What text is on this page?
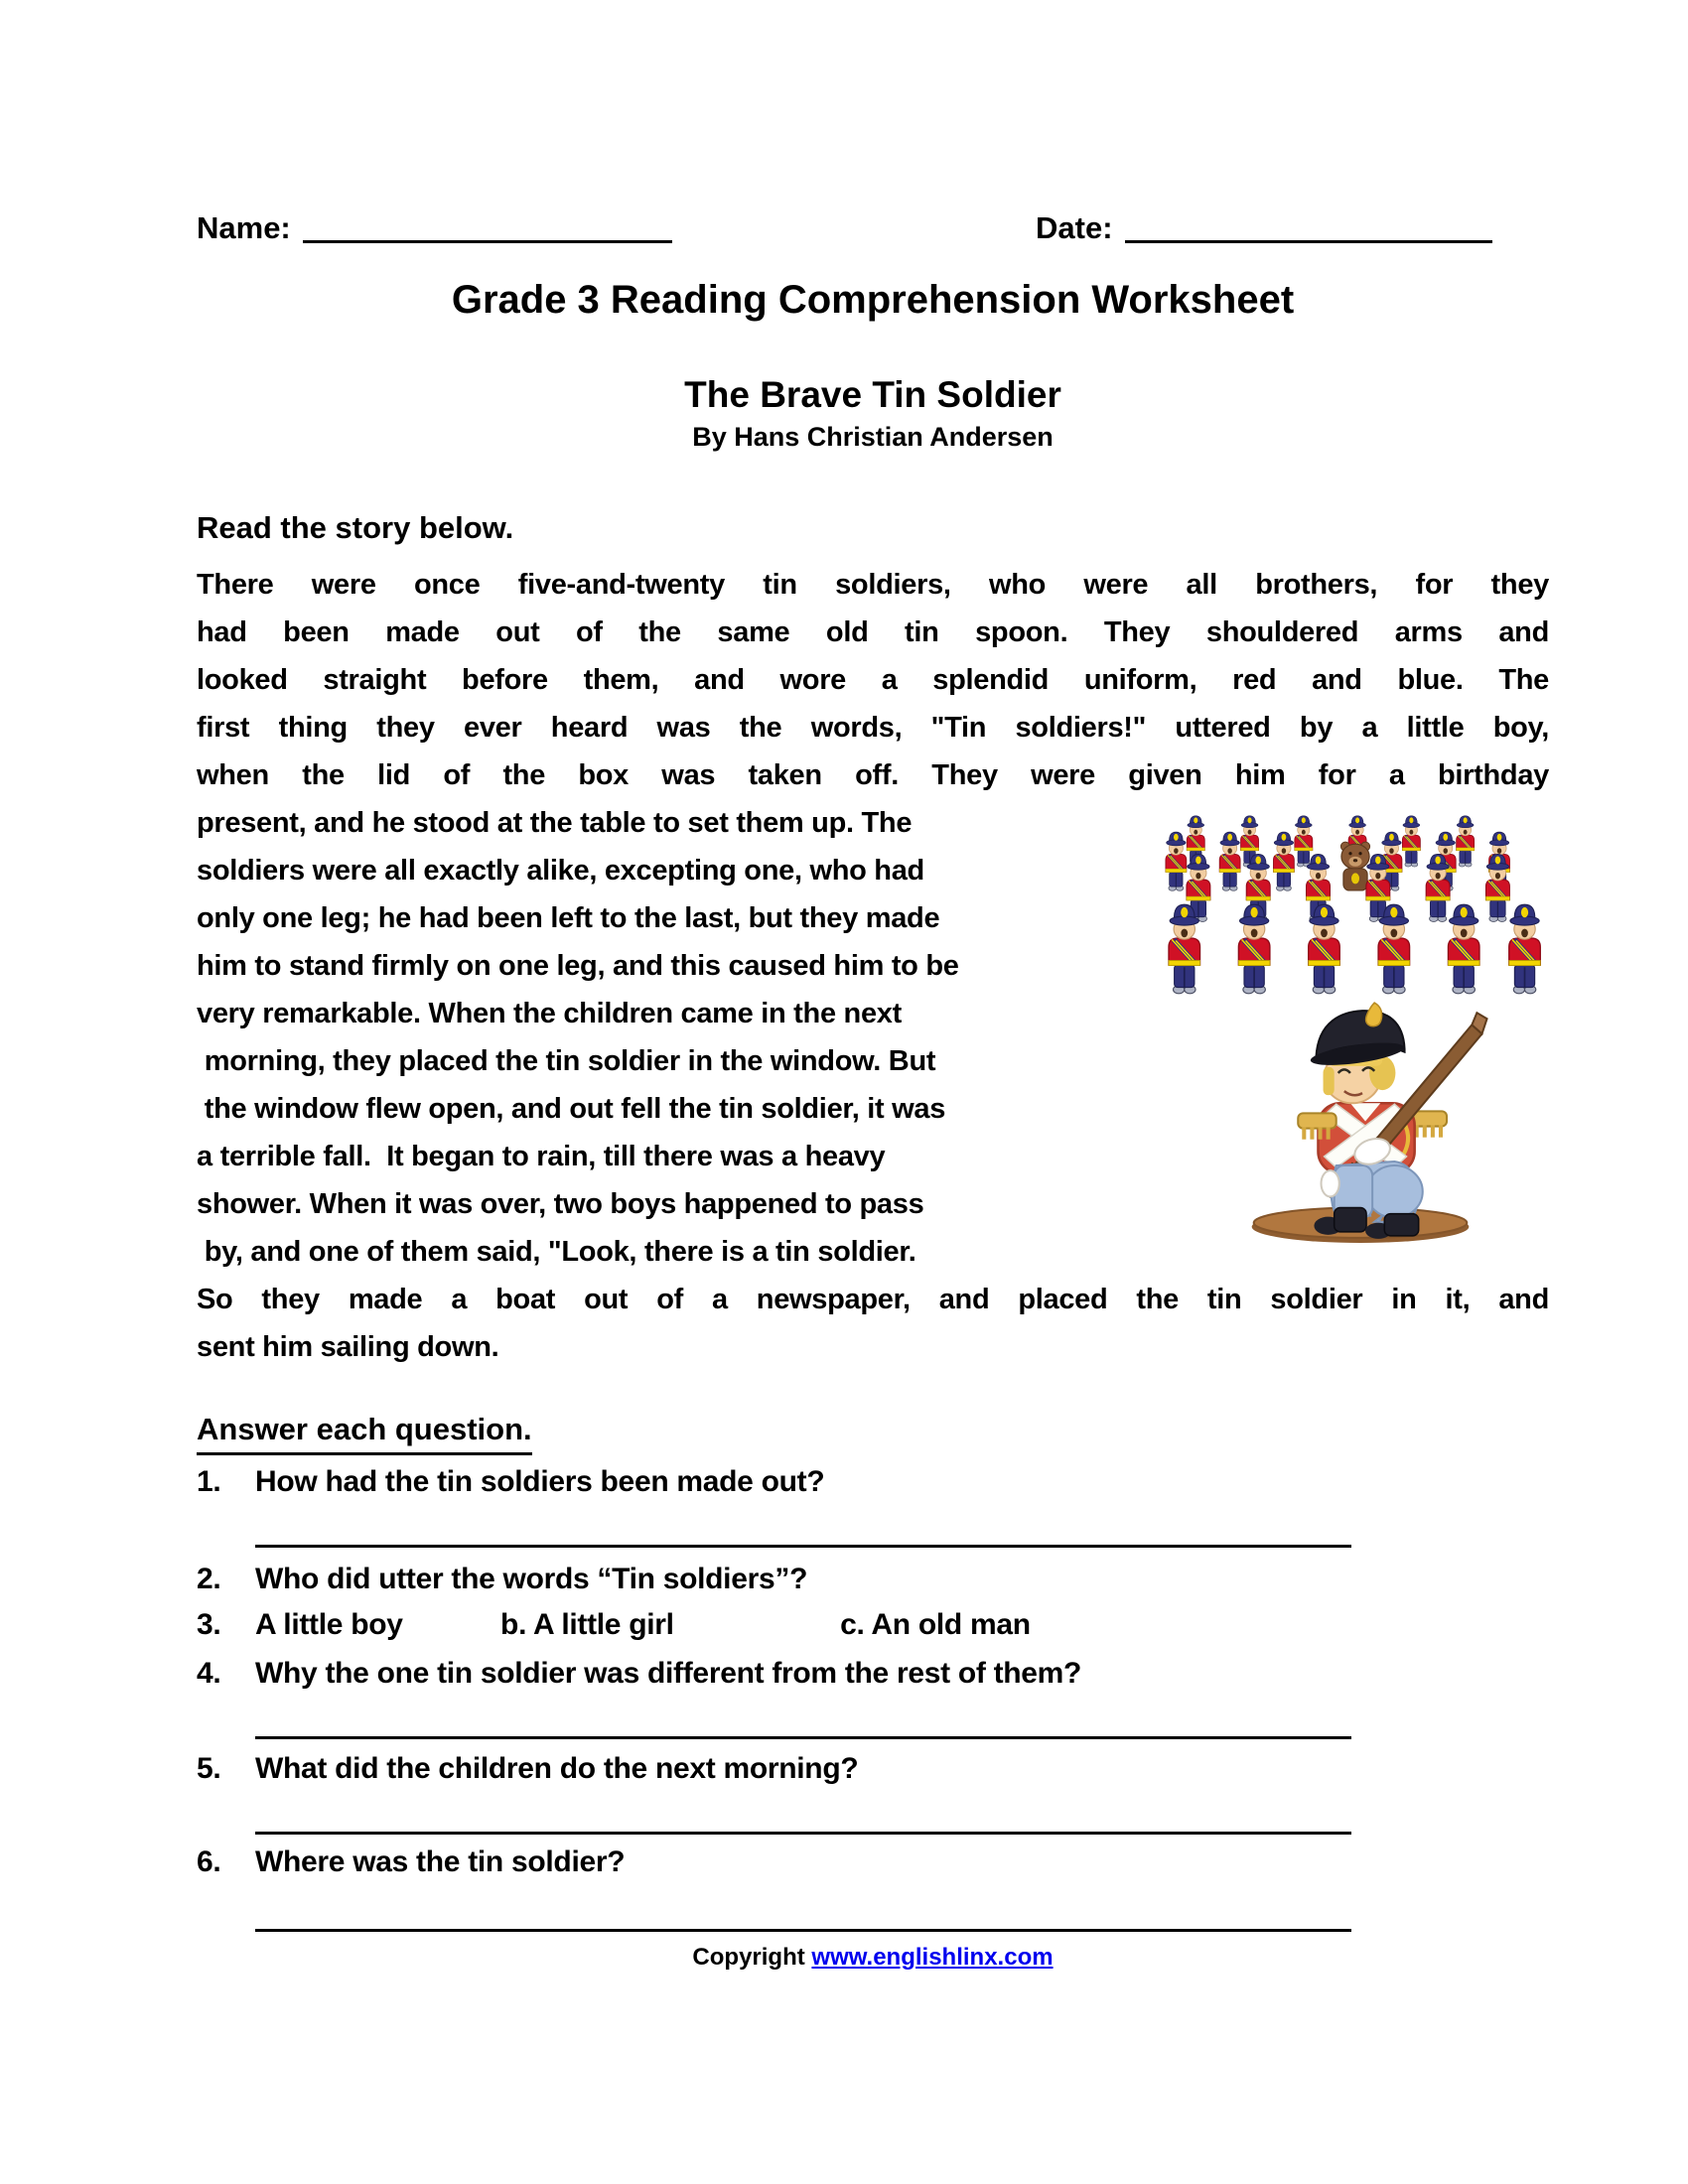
Name:	Date:
Grade 3 Reading Comprehension Worksheet
The Brave Tin Soldier
By Hans Christian Andersen
Read the story below.
There were once five-and-twenty tin soldiers, who were all brothers, for they
had been made out of the same old tin spoon. They shouldered arms and
looked straight before them, and wore a splendid uniform, red and blue. The
first thing they ever heard was the words, "Tin soldiers!" uttered by a little boy,
when the lid of the box was taken off. They were given him for a birthday
present, and he stood at the table to set them up. The
soldiers were all exactly alike, excepting one, who had
only one leg; he had been left to the last, but they made
him to stand firmly on one leg, and this caused him to be
very remarkable. When the children came in the next
morning, they placed the tin soldier in the window. But
the window flew open, and out fell the tin soldier, it was
a terrible fall.  It began to rain, till there was a heavy
shower. When it was over, two boys happened to pass
by, and one of them said, "Look, there is a tin soldier.
So they made a boat out of a newspaper, and placed the tin soldier in it, and
sent him sailing down.
Answer each question.
1.	How had the tin soldiers been made out?
2.	Who did utter the words “Tin soldiers”?
3.	A little boy	b. A little girl	c. An old man
4.	Why the one tin soldier was different from the rest of them?
5.	What did the children do the next morning?
6.	Where was the tin soldier?
Copyright www.englishlinx.com
